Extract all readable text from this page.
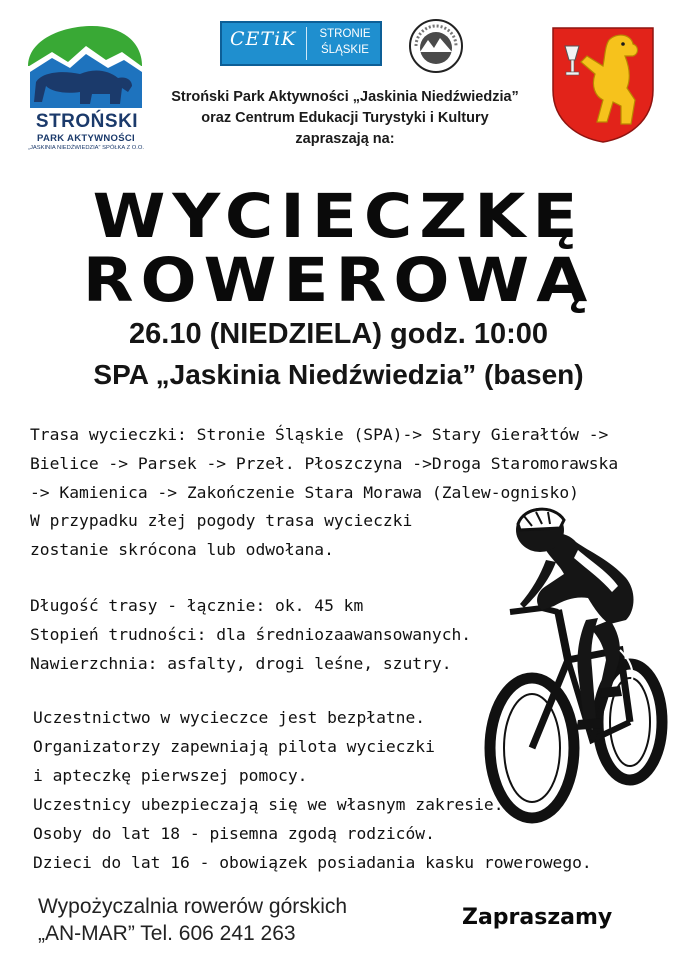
STROŃSKI
PARK AKTYWNOŚCI
„JASKINIA NIEDŹWIEDZIA” SPÓŁKA Z O.O.
CETiK	STRONIE
ŚLĄSKIE
Stroński Park Aktywności „Jaskinia Niedźwiedzia”
oraz Centrum Edukacji Turystyki i Kultury
zapraszają na:
WYCIECZKĘ
ROWEROWĄ
26.10 (NIEDZIELA) godz. 10:00
SPA „Jaskinia Niedźwiedzia” (basen)
Trasa wycieczki: Stronie Śląskie (SPA)-> Stary Gierałtów ->
Bielice -> Parsek -> Przeł. Płoszczyna ->Droga Staromorawska
-> Kamienica -> Zakończenie Stara Morawa (Zalew-ognisko)
W przypadku złej pogody trasa wycieczki
zostanie skrócona lub odwołana.
Długość trasy - łącznie: ok. 45 km
Stopień trudności: dla średniozaawansowanych.
Nawierzchnia: asfalty, drogi leśne, szutry.
Uczestnictwo w wycieczce jest bezpłatne.
Organizatorzy zapewniają pilota wycieczki
i apteczkę pierwszej pomocy.
Uczestnicy ubezpieczają się we własnym zakresie.
Osoby do lat 18 - pisemna zgodą rodziców.
Dzieci do lat 16 - obowiązek posiadania kasku rowerowego.
Wypożyczalnia rowerów górskich
„AN-MAR” Tel. 606 241 263
Zapraszamy
